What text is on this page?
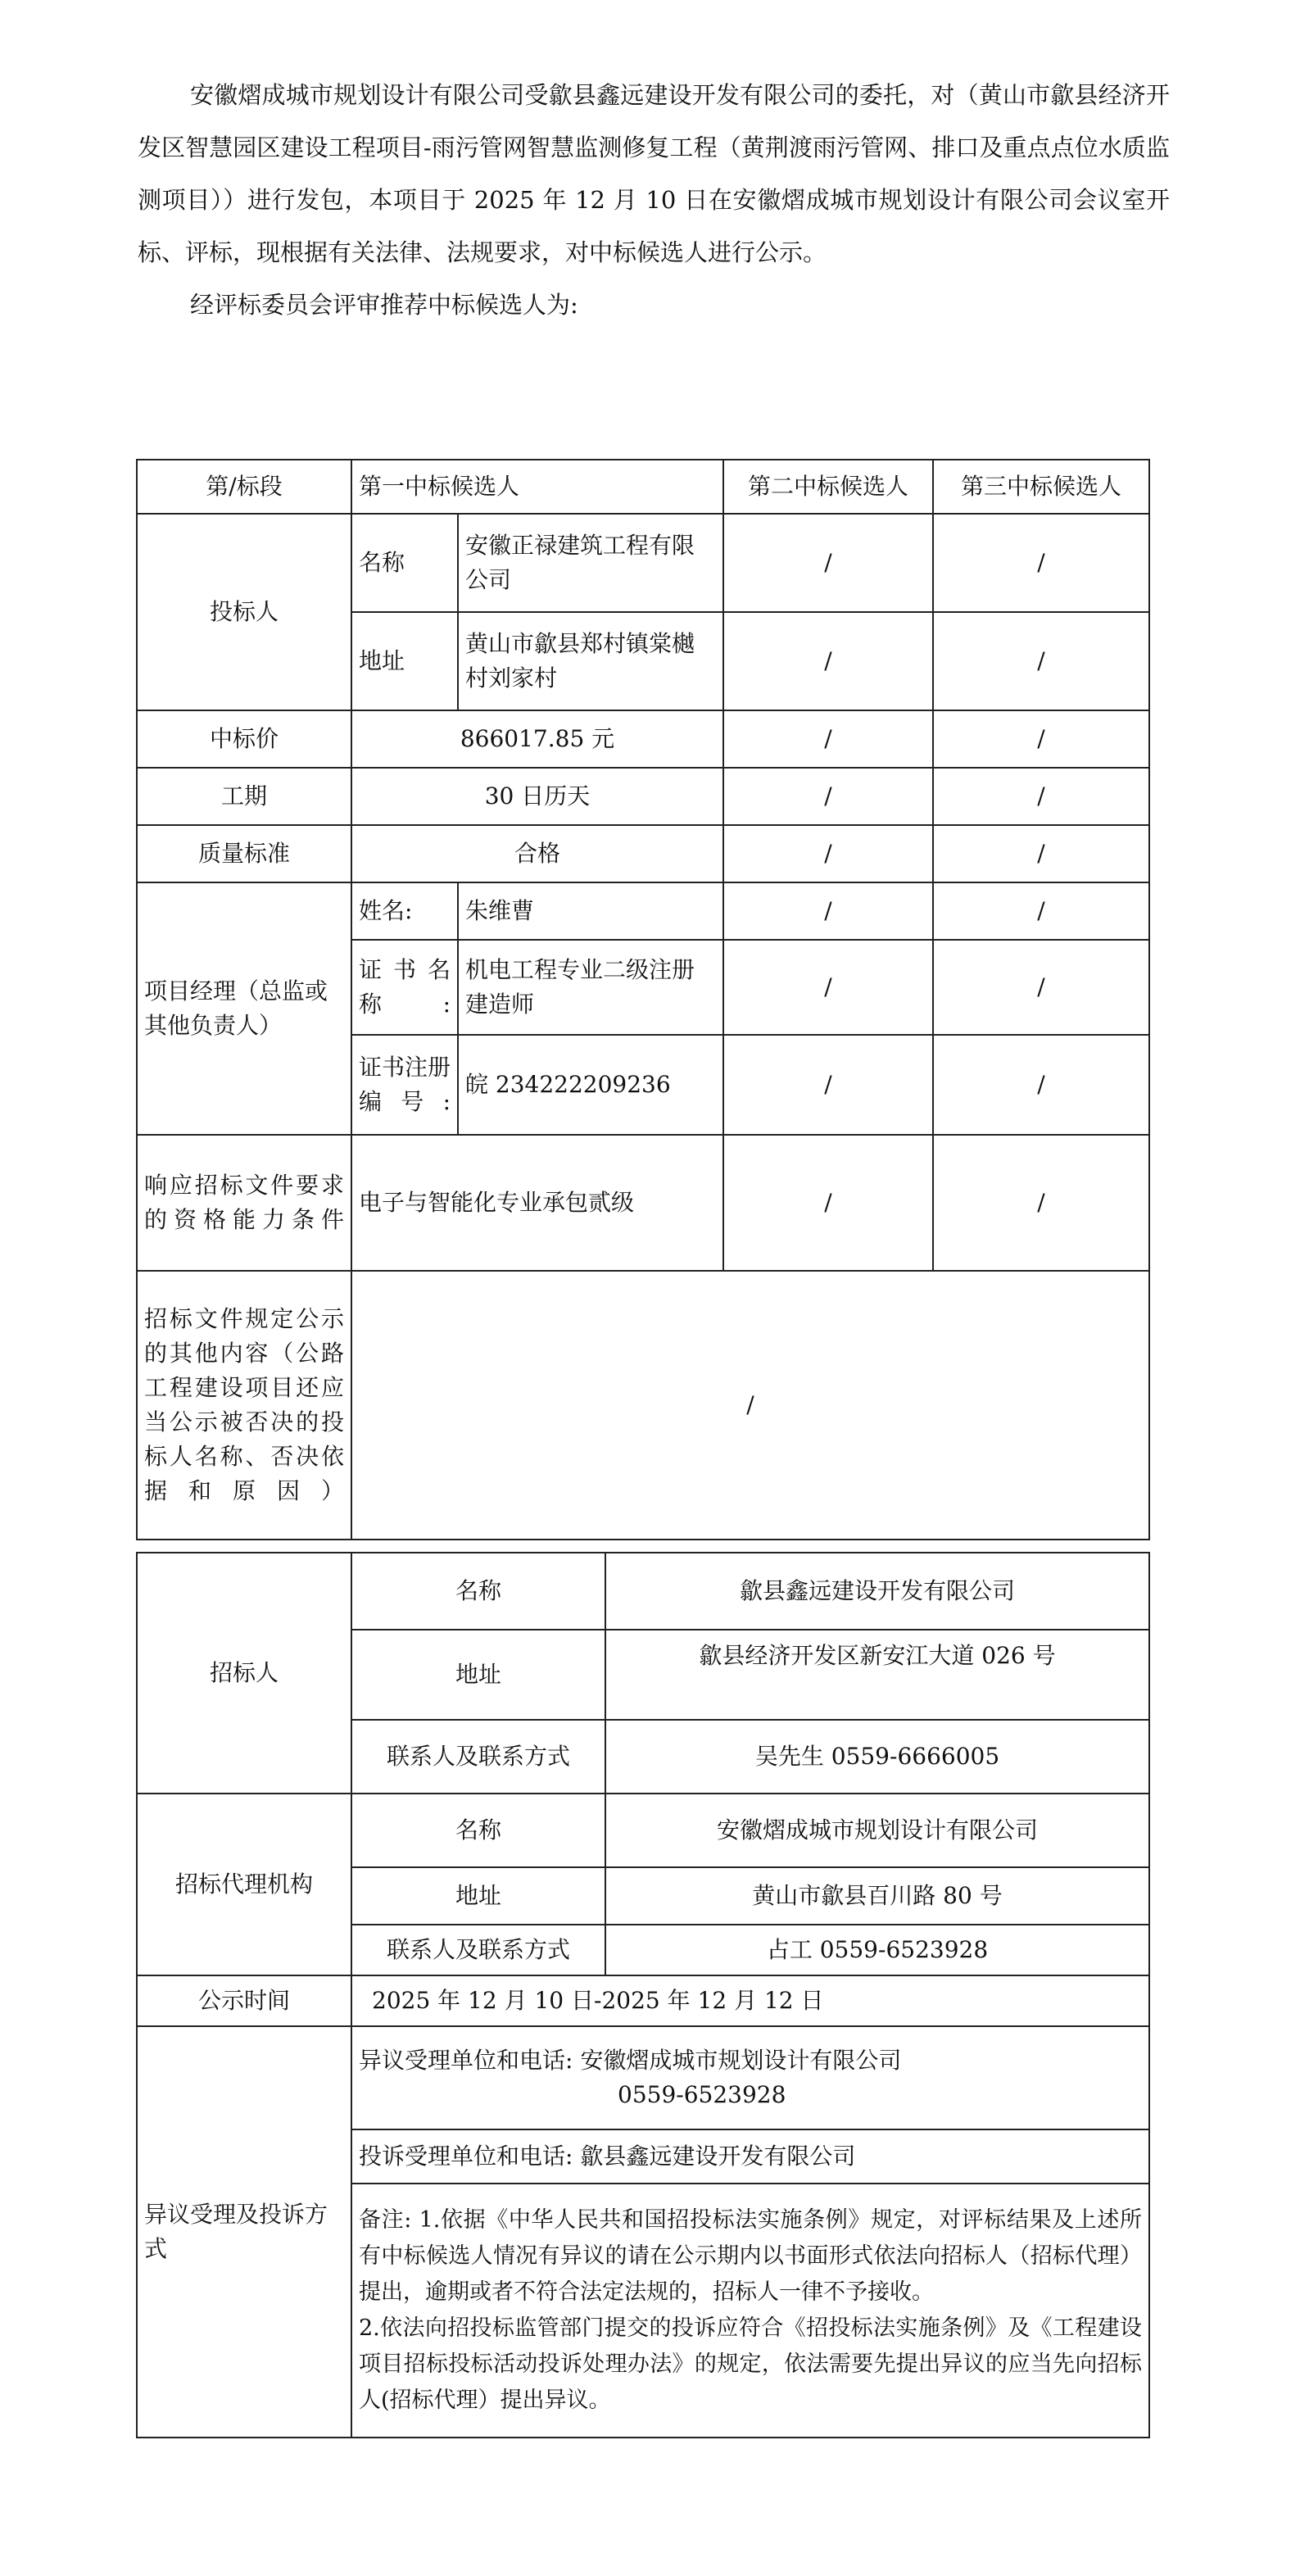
安徽熠成城市规划设计有限公司受歙县鑫远建设开发有限公司的委托，对（黄山市歙县经济开发区智慧园区建设工程项目-雨污管网智慧监测修复工程（黄荆渡雨污管网、排口及重点点位水质监测项目））进行发包，本项目于 2025 年 12 月 10 日在安徽熠成城市规划设计有限公司会议室开标、评标，现根据有关法律、法规要求，对中标候选人进行公示。

经评标委员会评审推荐中标候选人为:

第/标段	第一中标候选人		第二中标候选人	第三中标候选人
投标人	名称	安徽正禄建筑工程有限公司	/	/
	地址	黄山市歙县郑村镇棠樾村刘家村	/	/
中标价	866017.85 元		/	/
工期	30 日历天		/	/
质量标准	合格		/	/
项目经理（总监或其他负责人）	姓名:	朱维曹	/	/
	证书名称:	机电工程专业二级注册建造师	/	/
	证书注册编号:	皖 234222209236	/	/
响应招标文件要求的资格能力条件	电子与智能化专业承包贰级		/	/
招标文件规定公示的其他内容（公路工程建设项目还应当公示被否决的投标人名称、否决依据和原因）	/			
招标人	名称	歙县鑫远建设开发有限公司
	地址	歙县经济开发区新安江大道 026 号
	联系人及联系方式	吴先生 0559-6666005
招标代理机构	名称	安徽熠成城市规划设计有限公司
	地址	黄山市歙县百川路 80 号
	联系人及联系方式	占工 0559-6523928
公示时间	2025 年 12 月 10 日-2025 年 12 月 12 日	
异议受理及投诉方式	异议受理单位和电话: 安徽熠成城市规划设计有限公司
0559-6523928	

	投诉受理单位和电话: 歙县鑫远建设开发有限公司	

	备注: 1.依据《中华人民共和国招投标法实施条例》规定，对评标结果及上述所有中标候选人情况有异议的请在公示期内以书面形式依法向招标人（招标代理）提出，逾期或者不符合法定法规的，招标人一律不予接收。
2.依法向招投标监管部门提交的投诉应符合《招投标法实施条例》及《工程建设项目招标投标活动投诉处理办法》的规定，依法需要先提出异议的应当先向招标人(招标代理）提出异议。	
